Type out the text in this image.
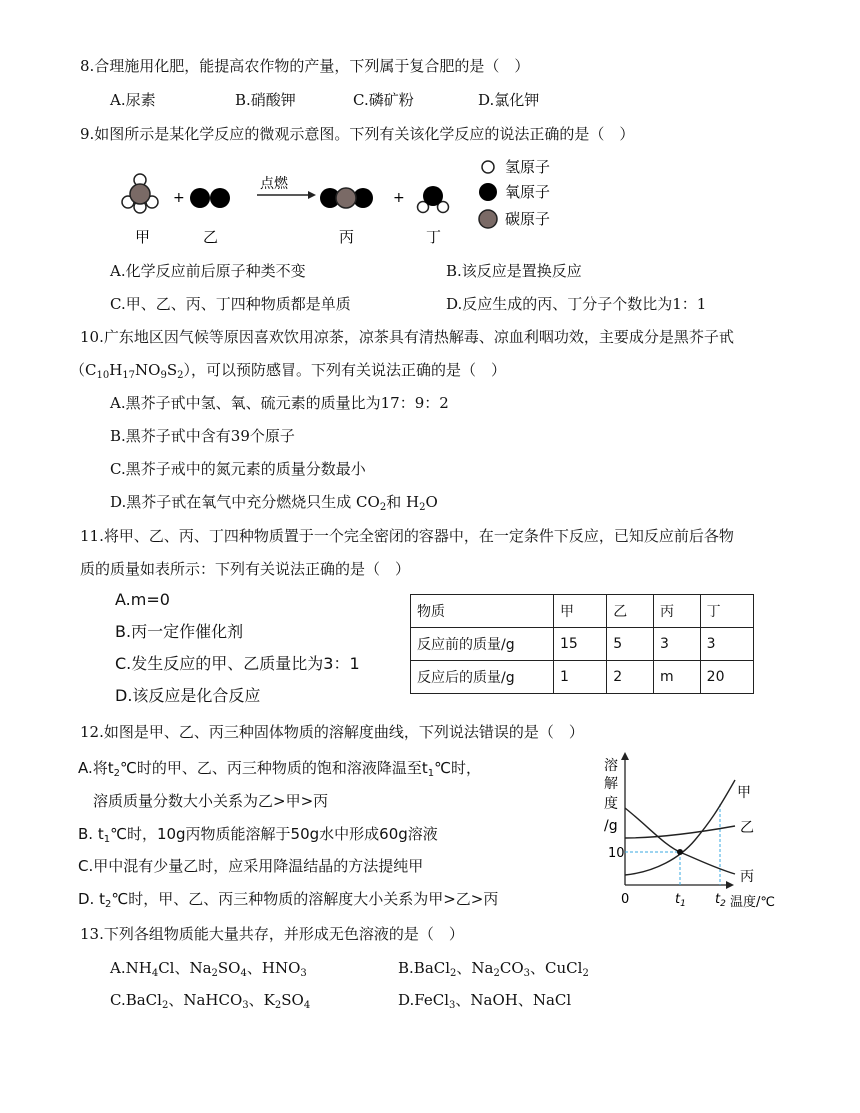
8.合理施用化肥，能提高农作物的产量，下列属于复合肥的是（　）
A.尿素	B.硝酸钾	C.磷矿粉	D.氯化钾
9.如图所示是某化学反应的微观示意图。下列有关该化学反应的说法正确的是（　）
+
点燃
+
甲	乙	丙	丁
氢原子
氧原子
碳原子
A.化学反应前后原子种类不变	B.该反应是置换反应
C.甲、乙、丙、丁四种物质都是单质	D.反应生成的丙、丁分子个数比为1：1
10.广东地区因气候等原因喜欢饮用凉茶，凉茶具有清热解毒、凉血利咽功效，主要成分是黑芥子甙
$(C_{10}H_{17}NO_9S_2)$，可以预防感冒。下列有关说法正确的是（　）
A.黑芥子甙中氢、氧、硫元素的质量比为17：9：2
B.黑芥子甙中含有39个原子
C.黑芥子戒中的氮元素的质量分数最小
D.黑芥子甙在氧气中充分燃烧只生成 $CO_2$和 $H_2O$
11.将甲、乙、丙、丁四种物质置于一个完全密闭的容器中，在一定条件下反应，已知反应前后各物
质的质量如表所示：下列有关说法正确的是（　）
A.m=0
B.丙一定作催化剂
C.发生反应的甲、乙质量比为3：1
D.该反应是化合反应
物质	甲	乙	丙	丁
反应前的质量/g	15	5	3	3
反应后的质量/g	1	2	m	20
12.如图是甲、乙、丙三种固体物质的溶解度曲线，下列说法错误的是（　）
A.将$t_2℃$时的甲、乙、丙三种物质的饱和溶液降温至$t_1℃$时，
溶质质量分数大小关系为乙>甲>丙
B. $t_1℃$时，10g丙物质能溶解于50g水中形成60g溶液
C.甲中混有少量乙时，应采用降温结晶的方法提纯甲
D. $t_2℃$时，甲、乙、丙三种物质的溶解度大小关系为甲>乙>丙
溶
解
度
/g
10
0	$t_1$ $t_2$ 温度/℃
甲
乙
丙
13.下列各组物质能大量共存，并形成无色溶液的是（　）
$A.NH_4Cl$、$Na_2SO_4$、$HNO_3$	B.BaCl$_2$、$Na_2CO_3$、CuCl$_2$
C.BaCl$_2$、NaHCO$_3$、$K_2SO_4$	D.FeCl$_3$、NaOH、NaCl
